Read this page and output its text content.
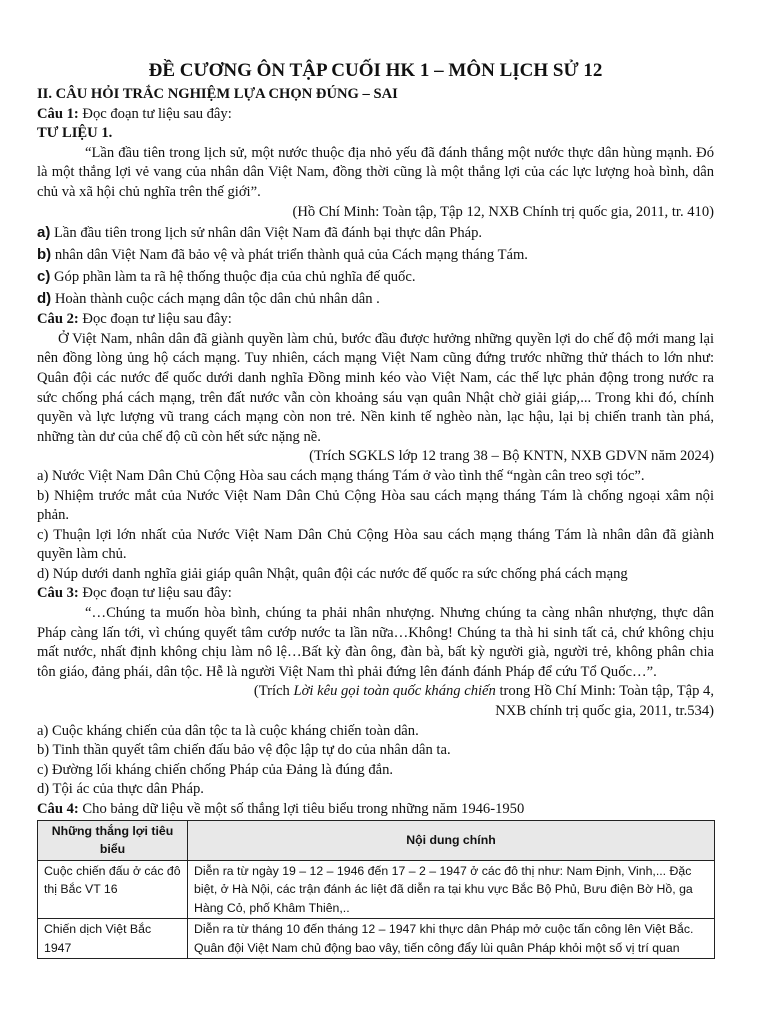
ĐỀ CƯƠNG ÔN TẬP CUỐI HK 1 – MÔN LỊCH SỬ 12

II. CÂU HỎI TRẮC NGHIỆM LỰA CHỌN ĐÚNG – SAI

Câu 1: Đọc đoạn tư liệu sau đây:

TƯ LIỆU 1.

“Lần đầu tiên trong lịch sử, một nước thuộc địa nhỏ yếu đã đánh thắng một nước thực dân hùng mạnh. Đó là một thắng lợi vẻ vang của nhân dân Việt Nam, đồng thời cũng là một thắng lợi của các lực lượng hoà bình, dân chủ và xã hội chủ nghĩa trên thế giới”.

(Hồ Chí Minh: Toàn tập, Tập 12, NXB Chính trị quốc gia, 2011, tr. 410)

a) Lần đầu tiên trong lịch sử nhân dân Việt Nam đã đánh bại thực dân Pháp.

b) nhân dân Việt Nam đã bảo vệ và phát triển thành quả của Cách mạng tháng Tám.

c) Góp phần làm ta rã hệ thống thuộc địa của chủ nghĩa đế quốc.

d) Hoàn thành cuộc cách mạng dân tộc dân chủ nhân dân .

Câu 2: Đọc đoạn tư liệu sau đây:

Ở Việt Nam, nhân dân đã giành quyền làm chủ, bước đầu được hưởng những quyền lợi do chế độ mới mang lại nên đồng lòng ủng hộ cách mạng. Tuy nhiên, cách mạng Việt Nam cũng đứng trước những thử thách to lớn như: Quân đội các nước để quốc dưới danh nghĩa Đồng minh kéo vào Việt Nam, các thế lực phản động trong nước ra sức chống phá cách mạng, trên đất nước vẫn còn khoảng sáu vạn quân Nhật chờ giải giáp,... Trong khi đó, chính quyền và lực lượng vũ trang cách mạng còn non trẻ. Nền kinh tế nghèo nàn, lạc hậu, lại bị chiến tranh tàn phá, những tàn dư của chế độ cũ còn hết sức nặng nề.

(Trích SGKLS lớp 12 trang 38 – Bộ KNTN, NXB GDVN năm 2024)

a) Nước Việt Nam Dân Chủ Cộng Hòa sau cách mạng tháng Tám ở vào tình thế “ngàn cân treo sợi tóc”.

b) Nhiệm trước mắt của Nước Việt Nam Dân Chủ Cộng Hòa sau cách mạng tháng Tám là chống ngoại xâm nội phản.

c) Thuận lợi lớn nhất của Nước Việt Nam Dân Chủ Cộng Hòa sau cách mạng tháng Tám là nhân dân đã giành quyền làm chủ.

d) Núp dưới danh nghĩa giải giáp quân Nhật, quân đội các nước đế quốc ra sức chống phá cách mạng

Câu 3: Đọc đoạn tư liệu sau đây:

“…Chúng ta muốn hòa bình, chúng ta phải nhân nhượng. Nhưng chúng ta càng nhân nhượng, thực dân Pháp càng lấn tới, vì chúng quyết tâm cướp nước ta lần nữa…Không! Chúng ta thà hi sinh tất cả, chứ không chịu mất nước, nhất định không chịu làm nô lệ…Bất kỳ đàn ông, đàn bà, bất kỳ người già, người trẻ, không phân chia tôn giáo, đảng phái, dân tộc. Hễ là người Việt Nam thì phải đứng lên đánh đánh Pháp để cứu Tổ Quốc…”.

(Trích Lời kêu gọi toàn quốc kháng chiến trong Hồ Chí Minh: Toàn tập, Tập 4,

NXB chính trị quốc gia, 2011, tr.534)

a) Cuộc kháng chiến của dân tộc ta là cuộc kháng chiến toàn dân.

b) Tinh thần quyết tâm chiến đấu bảo vệ độc lập tự do của nhân dân ta.

c) Đường lối kháng chiến chống Pháp của Đảng là đúng đắn.

d) Tội ác của thực dân Pháp.

Câu 4: Cho bảng dữ liệu về một số thắng lợi tiêu biểu trong những năm 1946-1950

Những thắng lợi tiêu biểu	Nội dung chính
Cuộc chiến đấu ở các đô thị Bắc VT 16	Diễn ra từ ngày 19 – 12 – 1946 đến 17 – 2 – 1947 ở các đô thị như: Nam Định, Vinh,... Đặc biệt, ở Hà Nội, các trận đánh ác liệt đã diễn ra tại khu vực Bắc Bộ Phủ, Bưu điện Bờ Hồ, ga Hàng Cỏ, phố Khâm Thiên,..
Chiến dịch Việt Bắc 1947	Diễn ra từ tháng 10 đến tháng 12 – 1947 khi thực dân Pháp mở cuộc tấn công lên Việt Bắc. Quân đội Việt Nam chủ động bao vây, tiến công đẩy lùi quân Pháp khỏi một số vị trí quan
